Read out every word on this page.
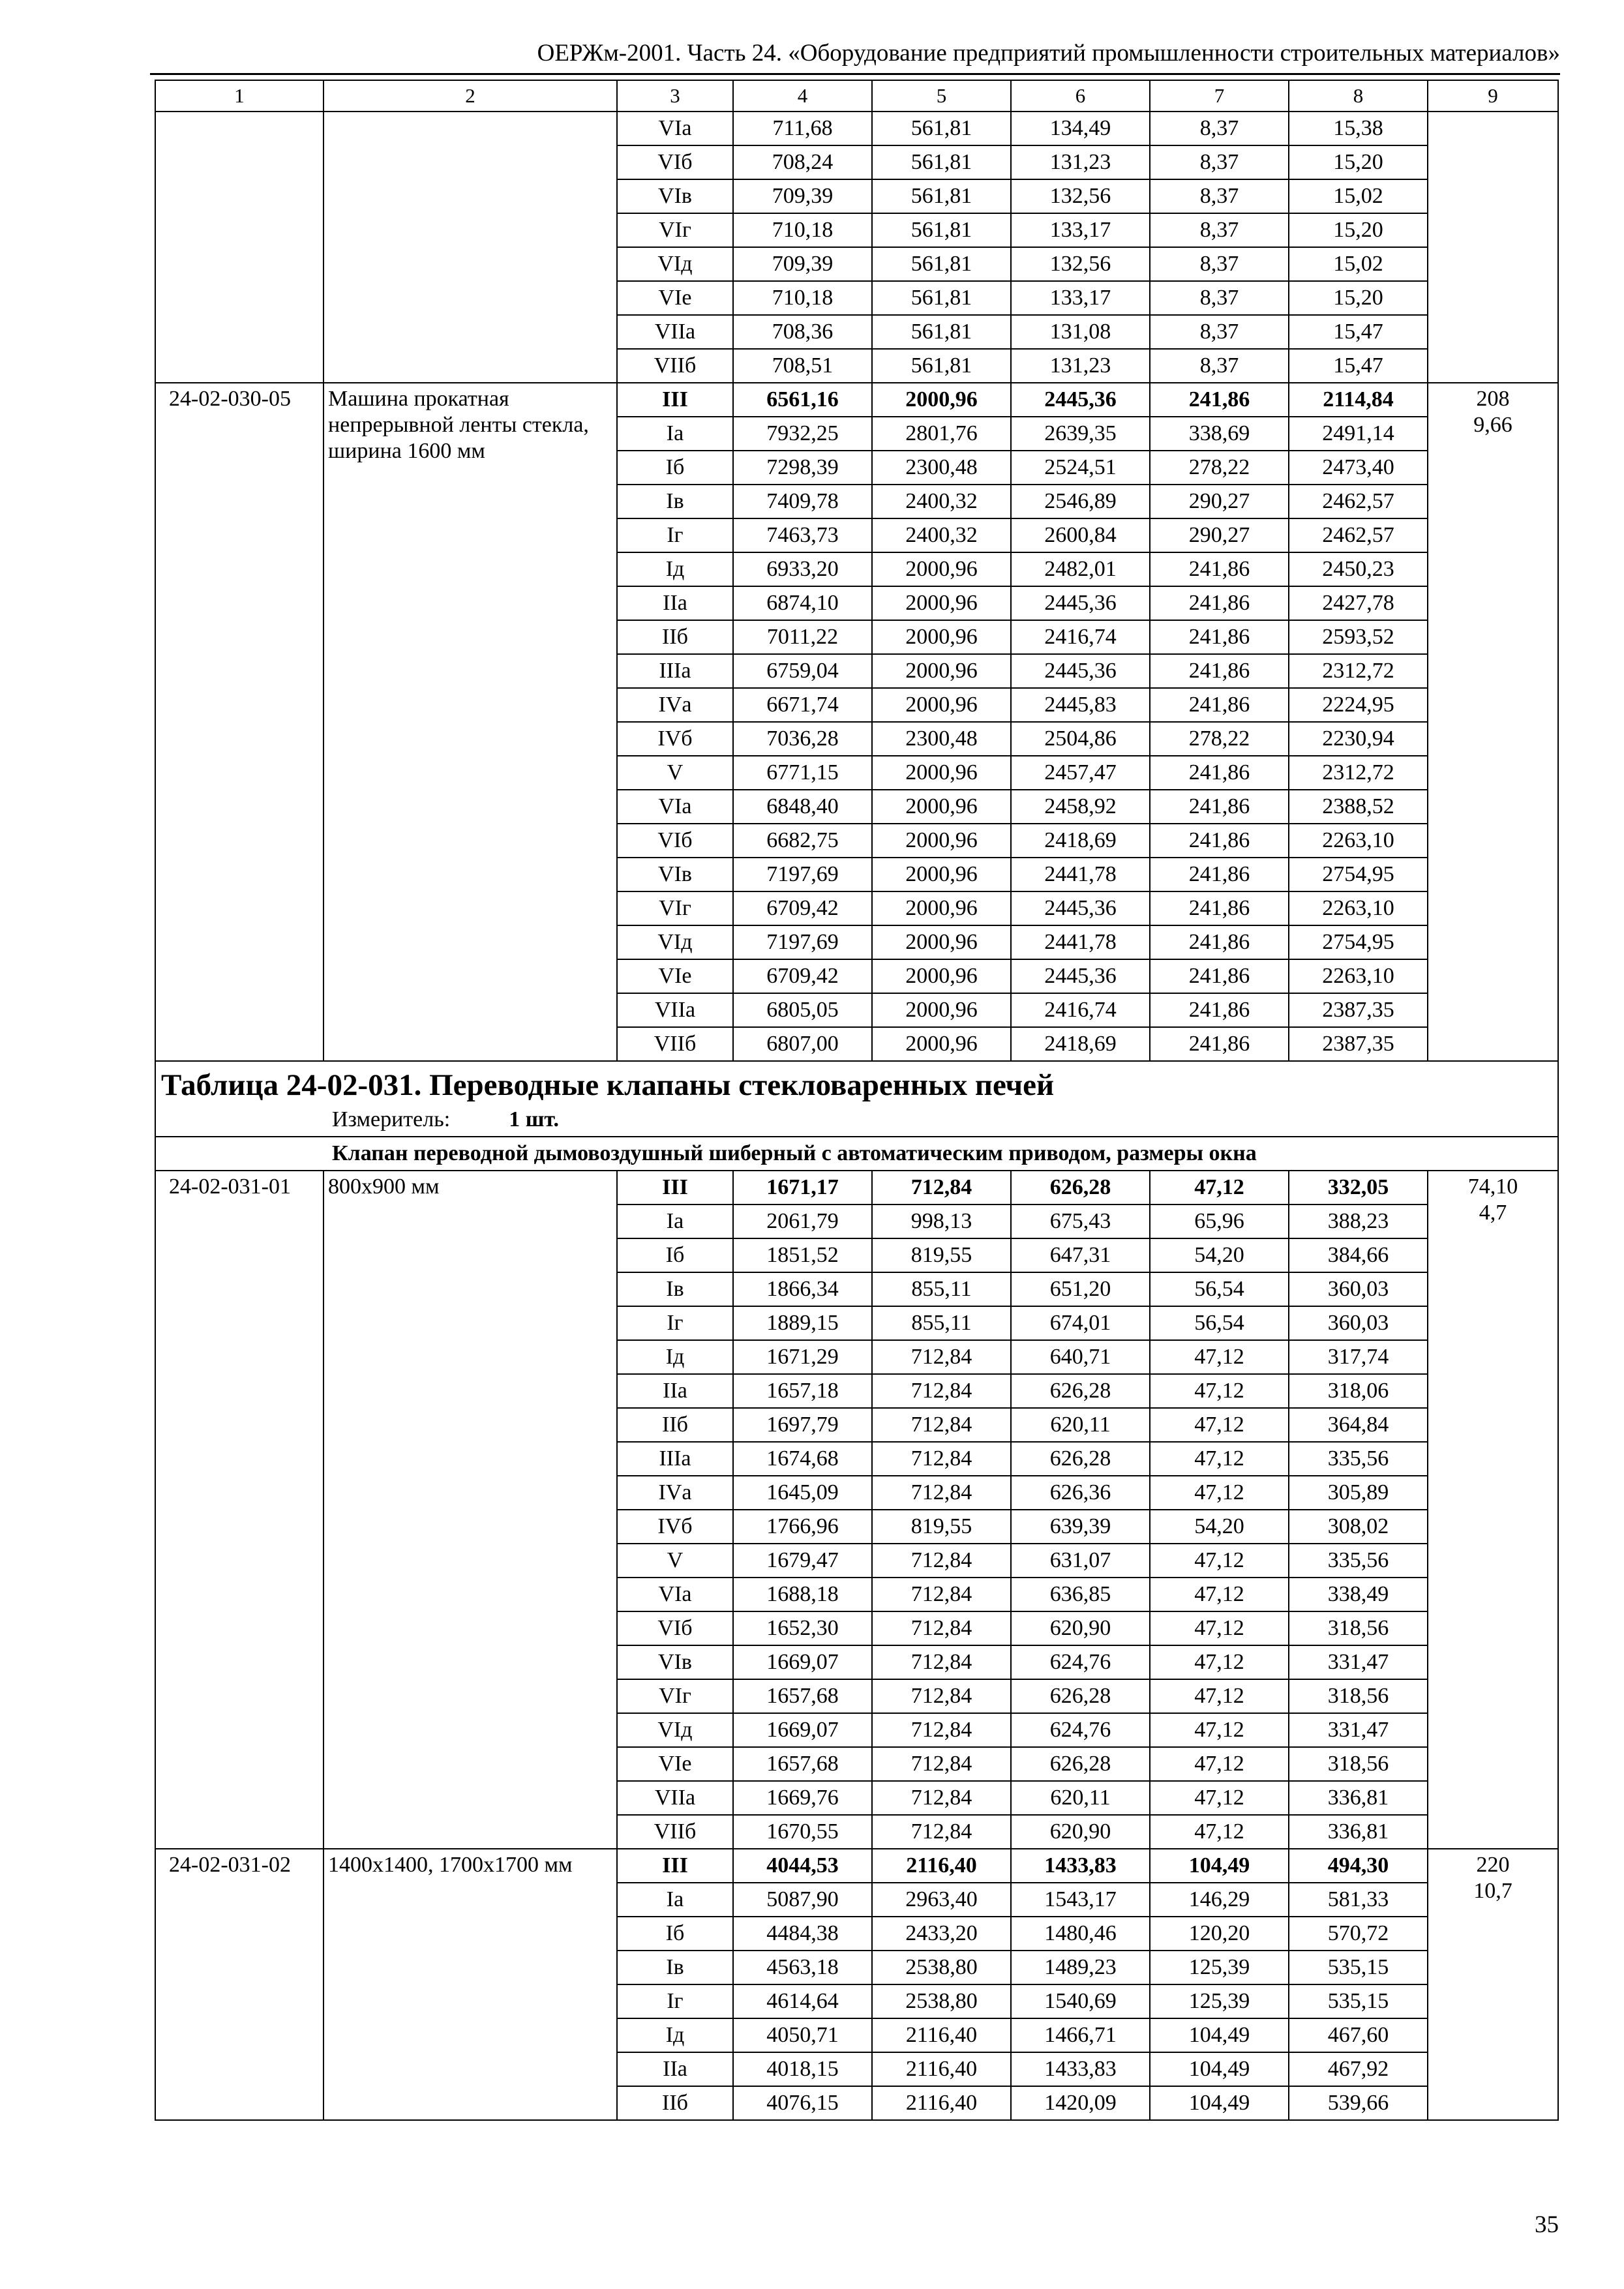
ОЕРЖм-2001. Часть 24. «Оборудование предприятий промышленности строительных материалов»
1	2	3	4	5	6	7	8	9
		VIа	711,68	561,81	134,49	8,37	15,38	
		VIб	708,24	561,81	131,23	8,37	15,20	
		VIв	709,39	561,81	132,56	8,37	15,02	
		VIг	710,18	561,81	133,17	8,37	15,20	
		VIд	709,39	561,81	132,56	8,37	15,02	
		VIе	710,18	561,81	133,17	8,37	15,20	
		VIIа	708,36	561,81	131,08	8,37	15,47	
		VIIб	708,51	561,81	131,23	8,37	15,47	
24-02-030-05	Машина прокатная непрерывной ленты стекла, ширина 1600 мм	III	6561,16	2000,96	2445,36	241,86	2114,84	208
9,66

		Iа	7932,25	2801,76	2639,35	338,69	2491,14	
		Iб	7298,39	2300,48	2524,51	278,22	2473,40	
		Iв	7409,78	2400,32	2546,89	290,27	2462,57	
		Iг	7463,73	2400,32	2600,84	290,27	2462,57	
		Iд	6933,20	2000,96	2482,01	241,86	2450,23	
		IIа	6874,10	2000,96	2445,36	241,86	2427,78	
		IIб	7011,22	2000,96	2416,74	241,86	2593,52	
		IIIа	6759,04	2000,96	2445,36	241,86	2312,72	
		IVа	6671,74	2000,96	2445,83	241,86	2224,95	
		IVб	7036,28	2300,48	2504,86	278,22	2230,94	
		V	6771,15	2000,96	2457,47	241,86	2312,72	
		VIа	6848,40	2000,96	2458,92	241,86	2388,52	
		VIб	6682,75	2000,96	2418,69	241,86	2263,10	
		VIв	7197,69	2000,96	2441,78	241,86	2754,95	
		VIг	6709,42	2000,96	2445,36	241,86	2263,10	
		VIд	7197,69	2000,96	2441,78	241,86	2754,95	
		VIе	6709,42	2000,96	2445,36	241,86	2263,10	
		VIIа	6805,05	2000,96	2416,74	241,86	2387,35	
		VIIб	6807,00	2000,96	2418,69	241,86	2387,35	

Таблица 24-02-031. Переводные клапаны стекловаренных печей
Измеритель: 1 шт.								

Клапан переводной дымовоздушный шиберный с автоматическим приводом, размеры окна								
24-02-031-01	800x900 мм	III	1671,17	712,84	626,28	47,12	332,05	74,10
4,7

		Iа	2061,79	998,13	675,43	65,96	388,23	
		Iб	1851,52	819,55	647,31	54,20	384,66	
		Iв	1866,34	855,11	651,20	56,54	360,03	
		Iг	1889,15	855,11	674,01	56,54	360,03	
		Iд	1671,29	712,84	640,71	47,12	317,74	
		IIа	1657,18	712,84	626,28	47,12	318,06	
		IIб	1697,79	712,84	620,11	47,12	364,84	
		IIIа	1674,68	712,84	626,28	47,12	335,56	
		IVа	1645,09	712,84	626,36	47,12	305,89	
		IVб	1766,96	819,55	639,39	54,20	308,02	
		V	1679,47	712,84	631,07	47,12	335,56	
		VIа	1688,18	712,84	636,85	47,12	338,49	
		VIб	1652,30	712,84	620,90	47,12	318,56	
		VIв	1669,07	712,84	624,76	47,12	331,47	
		VIг	1657,68	712,84	626,28	47,12	318,56	
		VIд	1669,07	712,84	624,76	47,12	331,47	
		VIе	1657,68	712,84	626,28	47,12	318,56	
		VIIа	1669,76	712,84	620,11	47,12	336,81	
		VIIб	1670,55	712,84	620,90	47,12	336,81	
24-02-031-02	1400x1400, 1700x1700 мм	III	4044,53	2116,40	1433,83	104,49	494,30	220
10,7

		Iа	5087,90	2963,40	1543,17	146,29	581,33	
		Iб	4484,38	2433,20	1480,46	120,20	570,72	
		Iв	4563,18	2538,80	1489,23	125,39	535,15	
		Iг	4614,64	2538,80	1540,69	125,39	535,15	
		Iд	4050,71	2116,40	1466,71	104,49	467,60	
		IIа	4018,15	2116,40	1433,83	104,49	467,92	
		IIб	4076,15	2116,40	1420,09	104,49	539,66	
35
